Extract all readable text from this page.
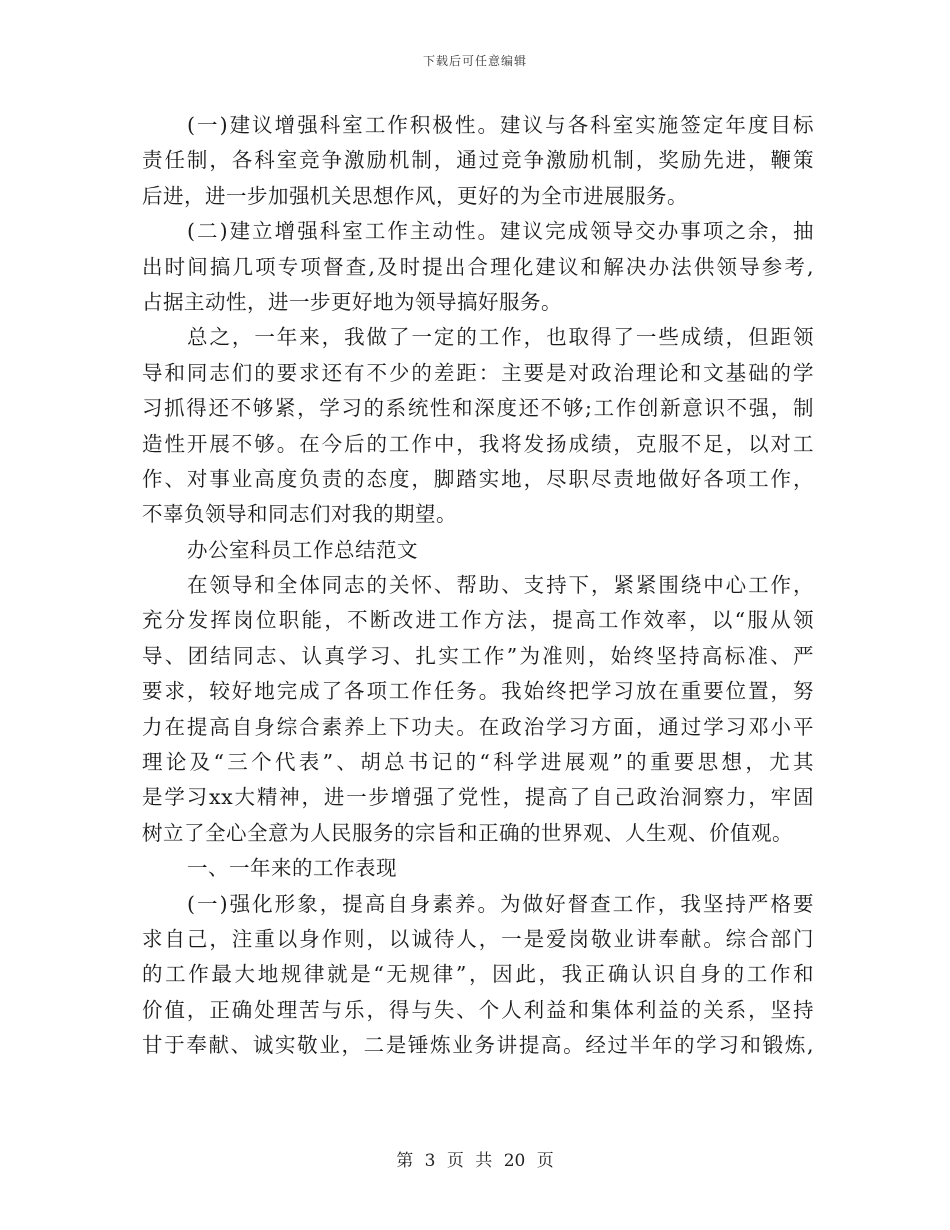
下载后可任意编辑
(一)建议增强科室工作积极性。建议与各科室实施签定年度目标
责任制，各科室竞争激励机制，通过竞争激励机制，奖励先进，鞭策
后进，进一步加强机关思想作风，更好的为全市进展服务。
(二)建立增强科室工作主动性。建议完成领导交办事项之余，抽
出时间搞几项专项督查,及时提出合理化建议和解决办法供领导参考,
占据主动性，进一步更好地为领导搞好服务。
总之，一年来，我做了一定的工作，也取得了一些成绩，但距领
导和同志们的要求还有不少的差距：主要是对政治理论和文基础的学
习抓得还不够紧，学习的系统性和深度还不够;工作创新意识不强，制
造性开展不够。在今后的工作中，我将发扬成绩，克服不足，以对工
作、对事业高度负责的态度，脚踏实地，尽职尽责地做好各项工作，
不辜负领导和同志们对我的期望。
办公室科员工作总结范文
在领导和全体同志的关怀、帮助、支持下，紧紧围绕中心工作，
充分发挥岗位职能，不断改进工作方法，提高工作效率，以“服从领
导、团结同志、认真学习、扎实工作”为准则，始终坚持高标准、严
要求，较好地完成了各项工作任务。我始终把学习放在重要位置，努
力在提高自身综合素养上下功夫。在政治学习方面，通过学习邓小平
理论及“三个代表”、胡总书记的“科学进展观”的重要思想，尤其
是学习xx大精神，进一步增强了党性，提高了自己政治洞察力，牢固
树立了全心全意为人民服务的宗旨和正确的世界观、人生观、价值观。
一、一年来的工作表现
(一)强化形象，提高自身素养。为做好督查工作，我坚持严格要
求自己，注重以身作则，以诚待人，一是爱岗敬业讲奉献。综合部门
的工作最大地规律就是“无规律”，因此，我正确认识自身的工作和
价值，正确处理苦与乐，得与失、个人利益和集体利益的关系，坚持
甘于奉献、诚实敬业，二是锤炼业务讲提高。经过半年的学习和锻炼,
第 3 页 共 20 页
